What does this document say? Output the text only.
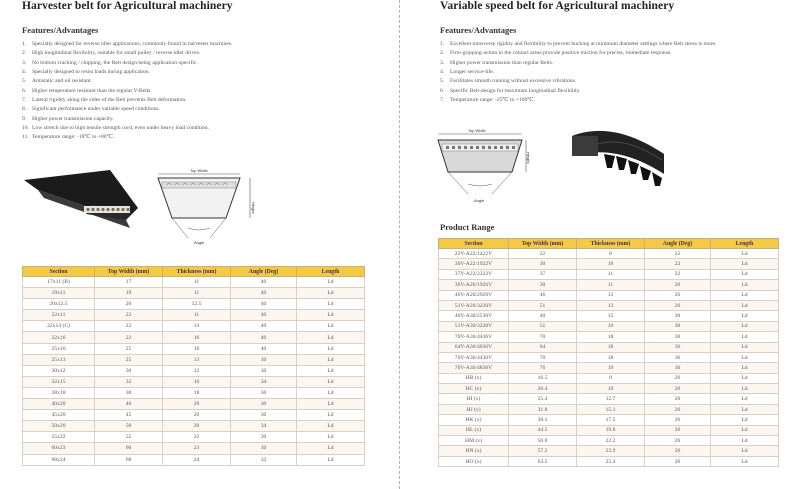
Harvester belt for Agricultural machinery
Features/Advantages
1. Specially designed for reverse idler applications, commonly found in harvester machines.
2. High longitudinal flexibility, suitable for small pulley / reverse idler drives.
3. No bottom cracking / chipping, the Belt design being application-specific.
4. Specially designed to resist loads during application.
5. Antistatic and oil resistant.
6. Higher temperature resistant than the regular V-Belts.
7. Lateral rigidity along the sides of the Belt prevents Belt deformation.
8. Significant performance under variable speed conditions.
9. Higher power transmission capacity.
10. Low stretch due to high tensile strength cord, even under heavy load condition.
11. Temperature range: -18℃ to +80℃.
Top Width
Height
Angle
Section	Top Width (mm)	Thickness (mm)	Angle (Deg)	Length
17x11 (B)	17	11	40	Ld
19x11	19	11	40	Ld
20x12.5	20	12.5	40	Ld
22x11	22	11	40	Ld
22x14 (C)	22	14	40	Ld
22x16	22	16	40	Ld
25x16	25	16	40	Ld
25x13	25	13	30	Ld
30x12	30	12	30	Ld
32x15	32	16	34	Ld
38x18	38	18	30	Ld
40x20	40	20	30	Ld
45x20	45	20	30	Ld
50x20	50	20	34	Ld
55x22	55	22	30	Ld
60x23	60	23	30	Ld
68x24	68	24	32	Ld
Variable speed belt for Agricultural machinery
Features/Advantages
1. Excellent transverse rigidity and flexibility to prevent bucking at minimum diameter settings where Belt stress is more.
2. Firm-gripping-action in the contact areas provide positive traction for precise, immediate response.
3. Higher power transmission than regular Belts.
4. Longer service-life.
5. Facilitates smooth running without excessive vibrations.
6. Specific Belt-design for maximum longitudinal flexibility.
7. Temperature range: -25℃ to +100℃.
Top Width
Height
Angle
Product Range
Section	Top Width (mm)	Thickness (mm)	Angle (Deg)	Length
22V-A22/1422V	22	8	22	Ld
30V-A22/1922V	30	10	22	Ld
37V-A22/2322V	37	11	22	Ld
30V-A26/1926V	30	11	26	Ld
46V-A26/2926V	46	13	26	Ld
51V-A26/3226V	51	13	26	Ld
40V-A30/2530V	40	15	30	Ld
51V-A30/3230V	51	16	30	Ld
70V-A36/4436V	70	18	30	Ld
64V-A36/4036V	64	18	36	Ld
70V-A36/4436V	70	18	36	Ld
76V-A36/4836V	76	19	36	Ld
HB (x)	16.5	8	26	Ld
HC (x)	20.4	10	26	Ld
HI (x)	25.4	12.7	26	Ld
HJ (x)	31.8	15.1	26	Ld
HK (x)	38.1	17.5	26	Ld
HL (x)	44.5	19.8	26	Ld
HM (x)	50.8	22.2	26	Ld
HN (x)	57.2	23.9	26	Ld
HO (x)	63.5	25.4	26	Ld
